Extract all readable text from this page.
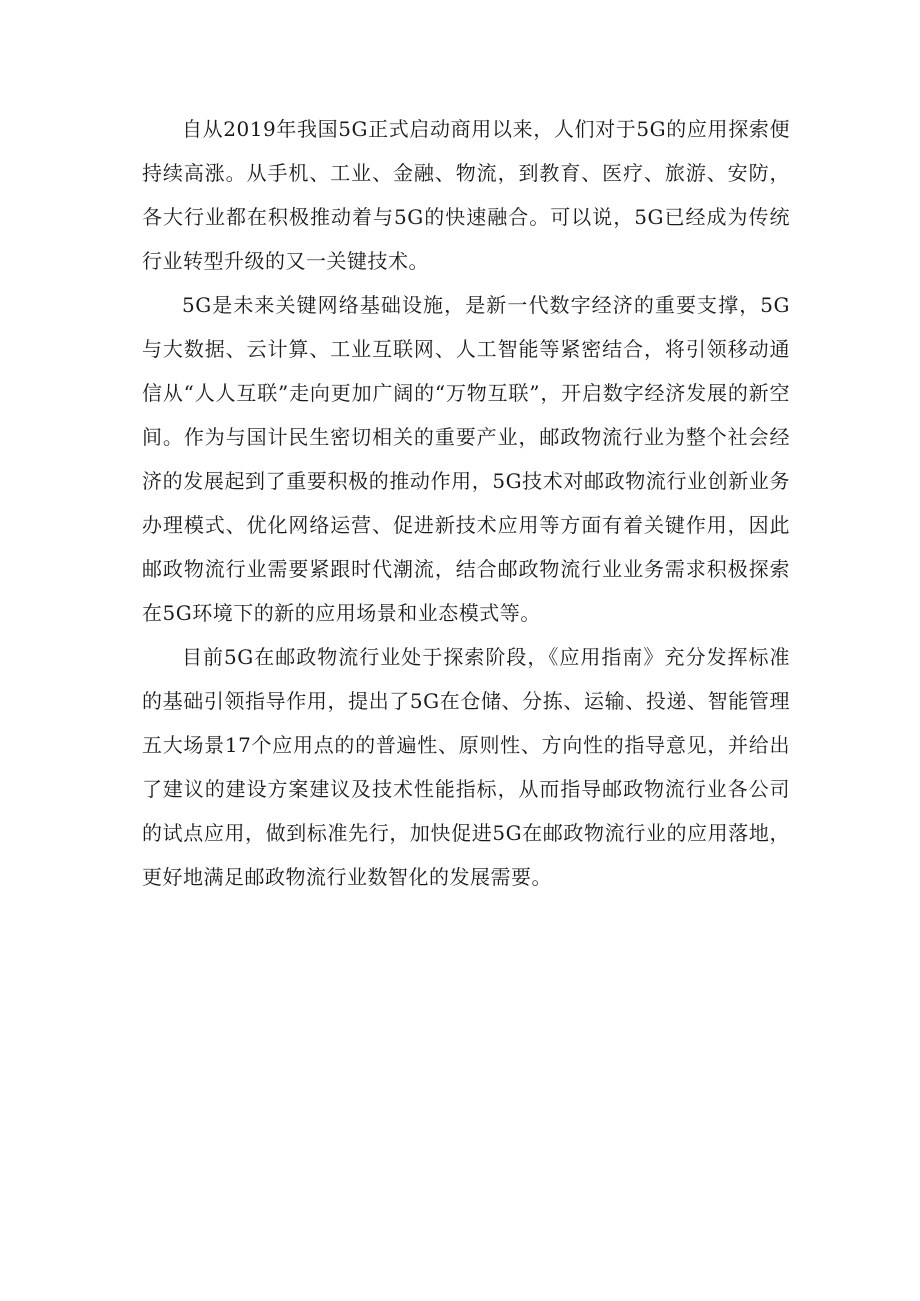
自从2019年我国5G正式启动商用以来，人们对于5G的应用探索便持续高涨。从手机、工业、金融、物流，到教育、医疗、旅游、安防，各大行业都在积极推动着与5G的快速融合。可以说，5G已经成为传统行业转型升级的又一关键技术。

5G是未来关键网络基础设施，是新一代数字经济的重要支撑，5G与大数据、云计算、工业互联网、人工智能等紧密结合，将引领移动通信从“人人互联”走向更加广阔的“万物互联”，开启数字经济发展的新空间。作为与国计民生密切相关的重要产业，邮政物流行业为整个社会经济的发展起到了重要积极的推动作用，5G技术对邮政物流行业创新业务办理模式、优化网络运营、促进新技术应用等方面有着关键作用，因此邮政物流行业需要紧跟时代潮流，结合邮政物流行业业务需求积极探索在5G环境下的新的应用场景和业态模式等。

目前5G在邮政物流行业处于探索阶段，《应用指南》充分发挥标准的基础引领指导作用，提出了5G在仓储、分拣、运输、投递、智能管理五大场景17个应用点的的普遍性、原则性、方向性的指导意见，并给出了建议的建设方案建议及技术性能指标，从而指导邮政物流行业各公司的试点应用，做到标准先行，加快促进5G在邮政物流行业的应用落地，更好地满足邮政物流行业数智化的发展需要。
